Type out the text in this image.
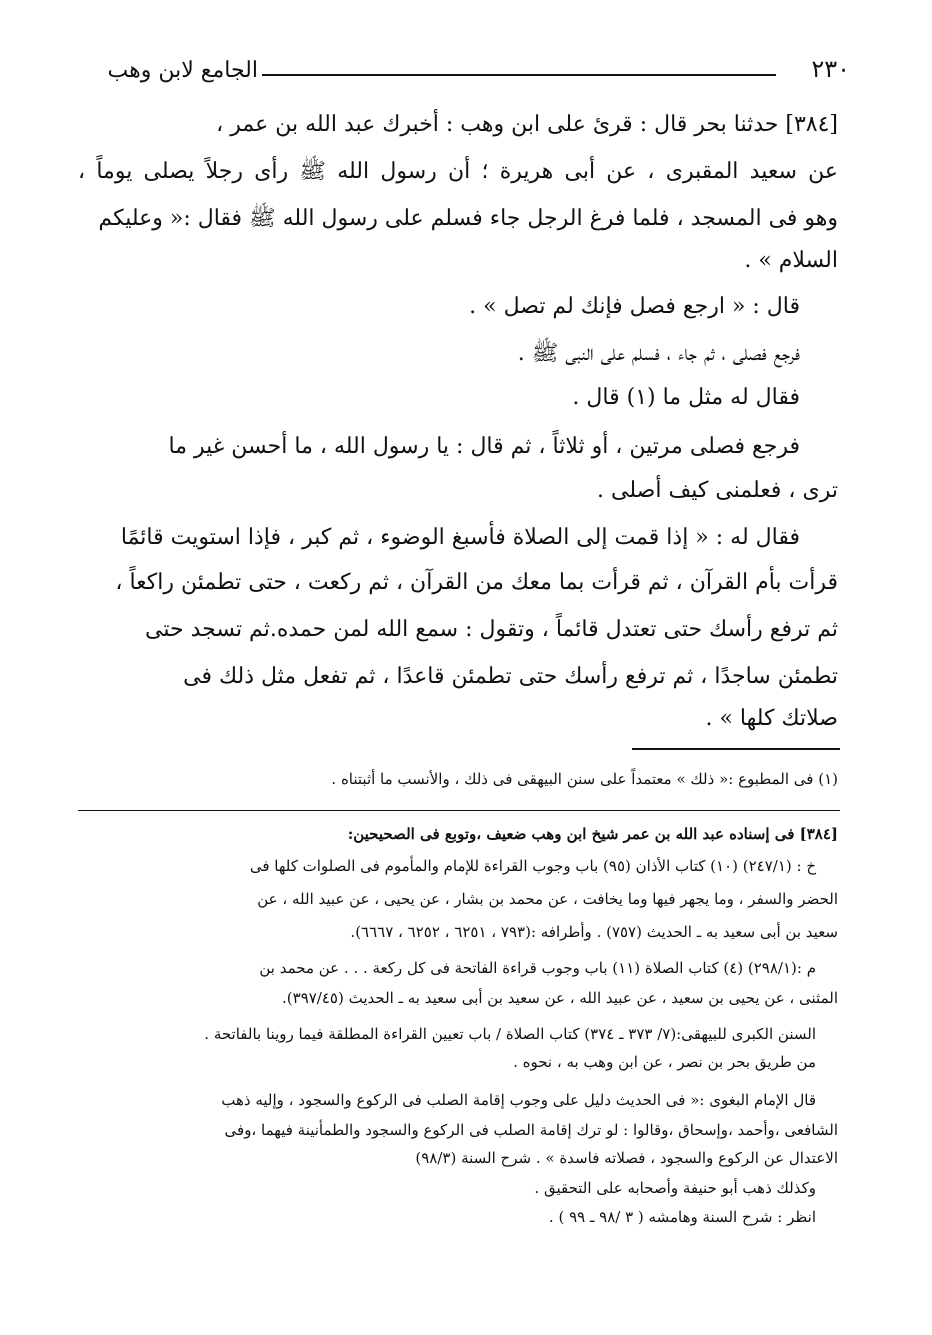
٢٣٠
الجامع لابن وهب
[٣٨٤] حدثنا بحر قال : قرئ على ابن وهب : أخبرك عبد الله بن عمر ،
عن سعيد المقبرى ، عن أبى هريرة ؛ أن رسول الله ﷺ رأى رجلاً يصلى يوماً ،
وهو فى المسجد ، فلما فرغ الرجل جاء فسلم على رسول الله ﷺ فقال :« وعليكم
السلام » .
قال : « ارجع فصل فإنك لم تصل » .
فرجع فصلى ، ثم جاء ، فسلم على النبى ﷺ .
فقال له مثل ما (١) قال .
فرجع فصلى مرتين ، أو ثلاثاً ، ثم قال : يا رسول الله ، ما أحسن غير ما
ترى ، فعلمنى كيف أصلى .
فقال له : « إذا قمت إلى الصلاة فأسبغ الوضوء ، ثم كبر ، فإذا استويت قائمًا
قرأت بأم القرآن ، ثم قرأت بما معك من القرآن ، ثم ركعت ، حتى تطمئن راكعاً ،
ثم ترفع رأسك حتى تعتدل قائماً ، وتقول : سمع الله لمن حمده.ثم تسجد حتى
تطمئن ساجدًا ، ثم ترفع رأسك حتى تطمئن قاعدًا ، ثم تفعل مثل ذلك فى
صلاتك كلها » .
(١) فى المطبوع :« ذلك » معتمداً على سنن البيهقى فى ذلك ، والأنسب ما أثبتناه .
[٣٨٤] فى إسناده عبد الله بن عمر شيخ ابن وهب ضعيف ،وتوبع فى الصحيحين:
خ : (٢٤٧/١) (١٠) كتاب الأذان (٩٥) باب وجوب القراءة للإمام والمأموم فى الصلوات كلها فى
الحضر والسفر ، وما يجهر فيها وما يخافت ، عن محمد بن بشار ، عن يحيى ، عن عبيد الله ، عن
سعيد بن أبى سعيد به ـ الحديث (٧٥٧) . وأطرافه :(٧٩٣ ، ٦٢٥١ ، ٦٢٥٢ ، ٦٦٦٧).
م :(٢٩٨/١) (٤) كتاب الصلاة (١١) باب وجوب قراءة الفاتحة فى كل ركعة . . . عن محمد بن
المثنى ، عن يحيى بن سعيد ، عن عبيد الله ، عن سعيد بن أبى سعيد به ـ الحديث (٣٩٧/٤٥).
السنن الكبرى للبيهقى:(٧/ ٣٧٣ ـ ٣٧٤) كتاب الصلاة / باب تعيين القراءة المطلقة فيما روينا بالفاتحة .
من طريق بحر بن نصر ، عن ابن وهب به ، نحوه .
قال الإمام البغوى :« فى الحديث دليل على وجوب إقامة الصلب فى الركوع والسجود ، وإليه ذهب
الشافعى ،وأحمد ،وإسحاق ،وقالوا : لو ترك إقامة الصلب فى الركوع والسجود والطمأنينة فيهما ،وفى
الاعتدال عن الركوع والسجود ، فصلاته فاسدة » . شرح السنة (٩٨/٣)
وكذلك ذهب أبو حنيفة وأصحابه على التحقيق .
انظر : شرح السنة وهامشه ( ٣ /٩٨ ـ ٩٩ ) .
